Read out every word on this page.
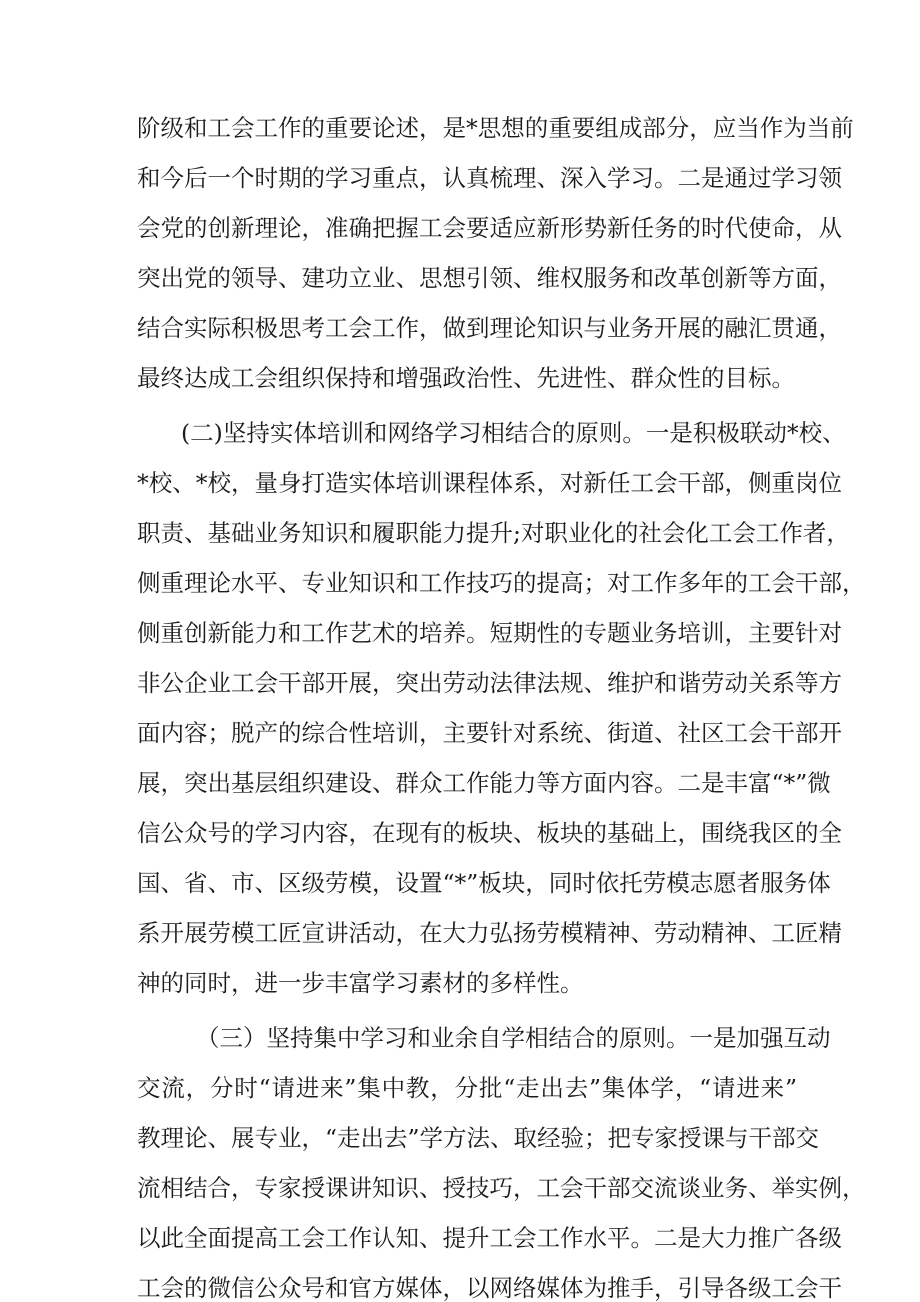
阶级和工会工作的重要论述，是*思想的重要组成部分，应当作为当前
和今后一个时期的学习重点，认真梳理、深入学习。二是通过学习领
会党的创新理论，准确把握工会要适应新形势新任务的时代使命，从
突出党的领导、建功立业、思想引领、维权服务和改革创新等方面，
结合实际积极思考工会工作，做到理论知识与业务开展的融汇贯通，
最终达成工会组织保持和增强政治性、先进性、群众性的目标。
(二)坚持实体培训和网络学习相结合的原则。一是积极联动*校、
*校、*校，量身打造实体培训课程体系，对新任工会干部，侧重岗位
职责、基础业务知识和履职能力提升;对职业化的社会化工会工作者，
侧重理论水平、专业知识和工作技巧的提高；对工作多年的工会干部，
侧重创新能力和工作艺术的培养。短期性的专题业务培训，主要针对
非公企业工会干部开展，突出劳动法律法规、维护和谐劳动关系等方
面内容；脱产的综合性培训，主要针对系统、街道、社区工会干部开
展，突出基层组织建设、群众工作能力等方面内容。二是丰富“*”微
信公众号的学习内容，在现有的板块、板块的基础上，围绕我区的全
国、省、市、区级劳模，设置“*”板块，同时依托劳模志愿者服务体
系开展劳模工匠宣讲活动，在大力弘扬劳模精神、劳动精神、工匠精
神的同时，进一步丰富学习素材的多样性。
（三）坚持集中学习和业余自学相结合的原则。一是加强互动
交流，分时“请进来”集中教，分批“走出去”集体学，“请进来”
教理论、展专业，“走出去”学方法、取经验；把专家授课与干部交
流相结合，专家授课讲知识、授技巧，工会干部交流谈业务、举实例，
以此全面提高工会工作认知、提升工会工作水平。二是大力推广各级
工会的微信公众号和官方媒体，以网络媒体为推手，引导各级工会干
